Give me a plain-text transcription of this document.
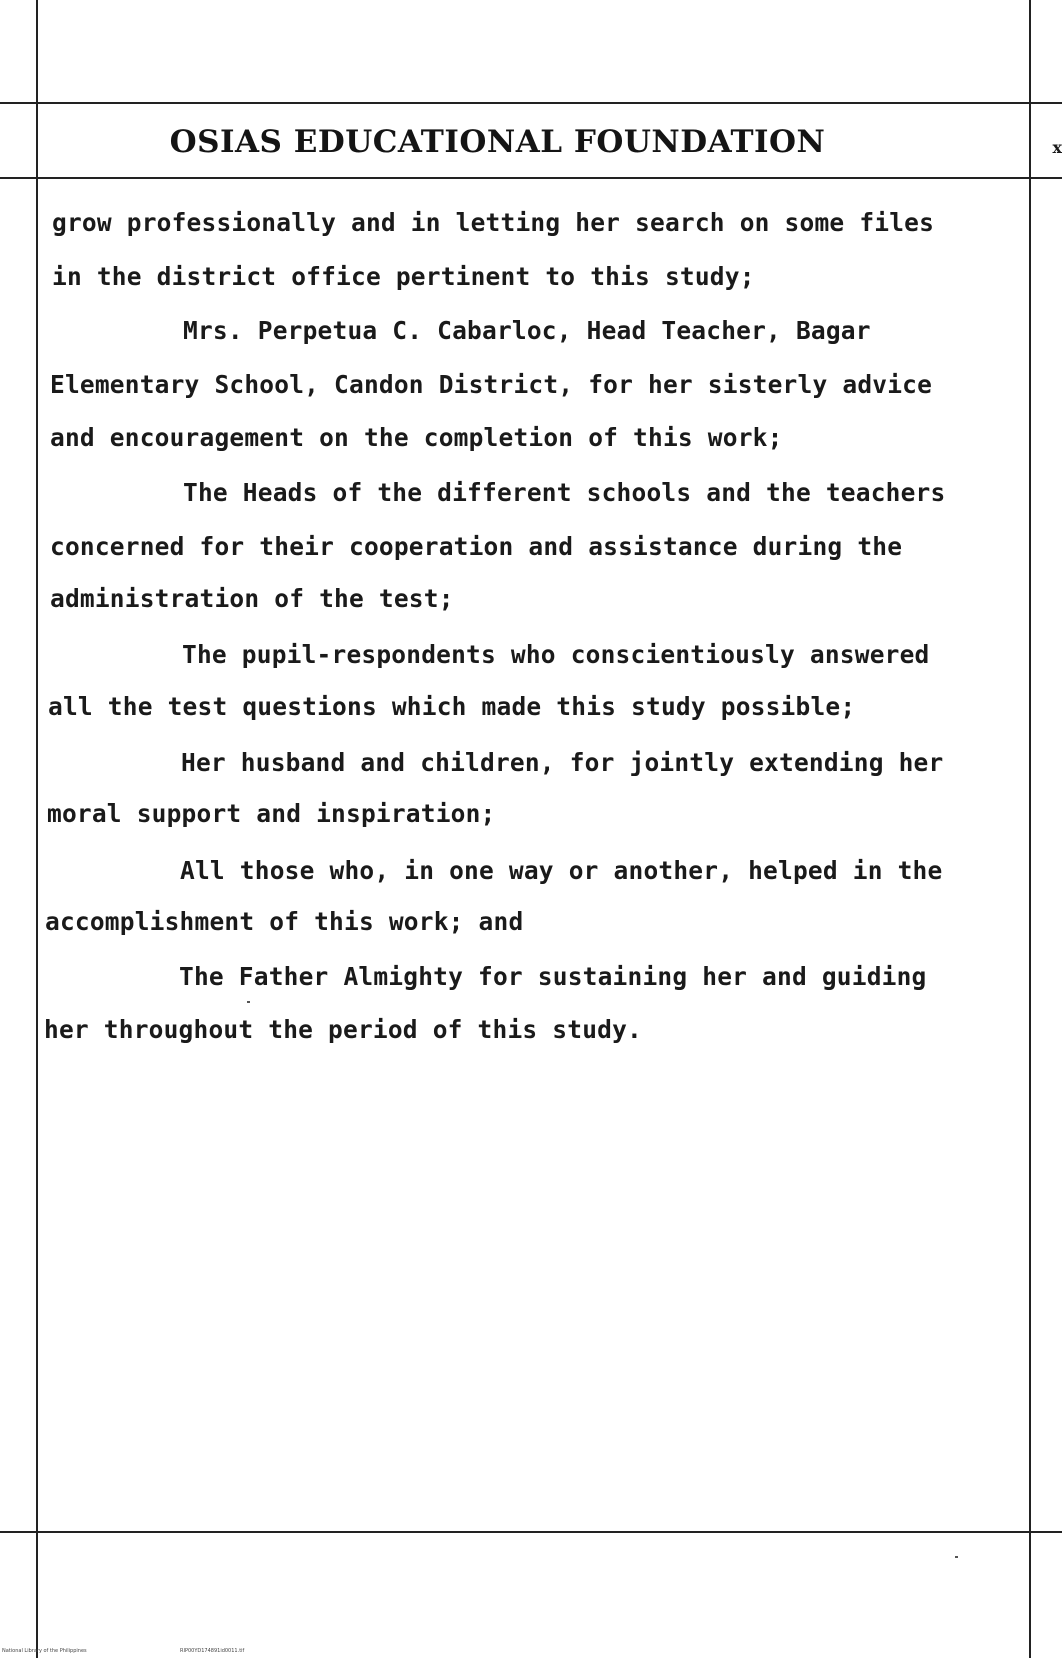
OSIAS EDUCATIONAL FOUNDATION	x
grow professionally and in letting her search on some files
in the district office pertinent to this study;
Mrs. Perpetua C. Cabarloc, Head Teacher, Bagar
Elementary School, Candon District, for her sisterly advice
and encouragement on the completion of this work;
The Heads of the different schools and the teachers
concerned for their cooperation and assistance during the
administration of the test;
The pupil-respondents who conscientiously answered
all the test questions which made this study possible;
Her husband and children, for jointly extending her
moral support and inspiration;
All those who, in one way or another, helped in the
accomplishment of this work; and
The Father Almighty for sustaining her and guiding
her throughout the period of this study.
National Library of the Philippines	RIP00YD174891id0011.tif
